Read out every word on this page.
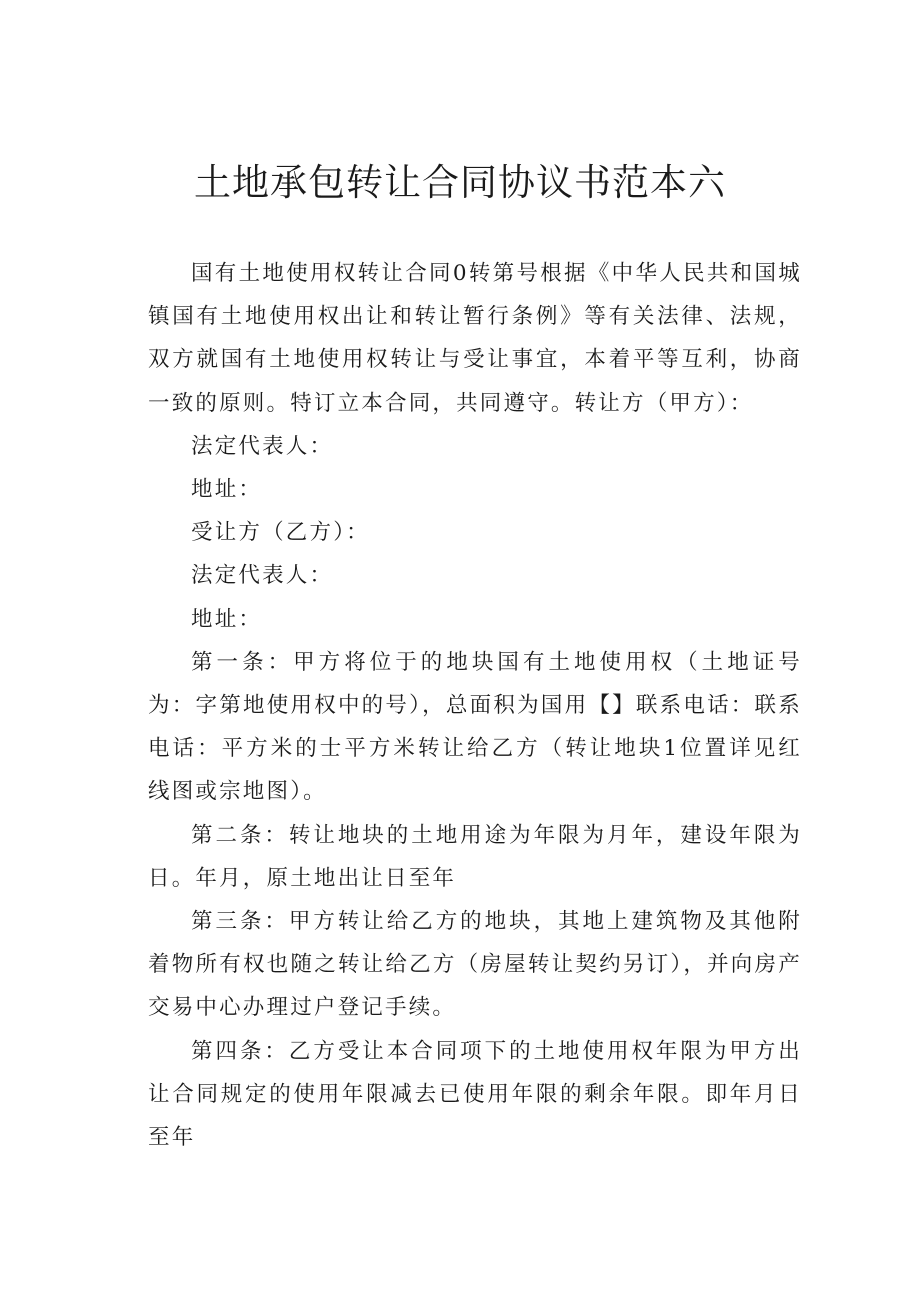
土地承包转让合同协议书范本六

国有土地使用权转让合同0转第号根据《中华人民共和国城镇国有土地使用权出让和转让暂行条例》等有关法律、法规，双方就国有土地使用权转让与受让事宜，本着平等互利，协商一致的原则。特订立本合同，共同遵守。转让方（甲方）：

法定代表人：

地址：

受让方（乙方）：

法定代表人：

地址：

第一条：甲方将位于的地块国有土地使用权（土地证号为：字第地使用权中的号），总面积为国用【】联系电话：联系电话：平方米的士平方米转让给乙方（转让地块1位置详见红线图或宗地图）。

第二条：转让地块的土地用途为年限为月年，建设年限为日。年月，原土地出让日至年

第三条：甲方转让给乙方的地块，其地上建筑物及其他附着物所有权也随之转让给乙方（房屋转让契约另订），并向房产交易中心办理过户登记手续。

第四条：乙方受让本合同项下的土地使用权年限为甲方出让合同规定的使用年限减去已使用年限的剩余年限。即年月日至年
